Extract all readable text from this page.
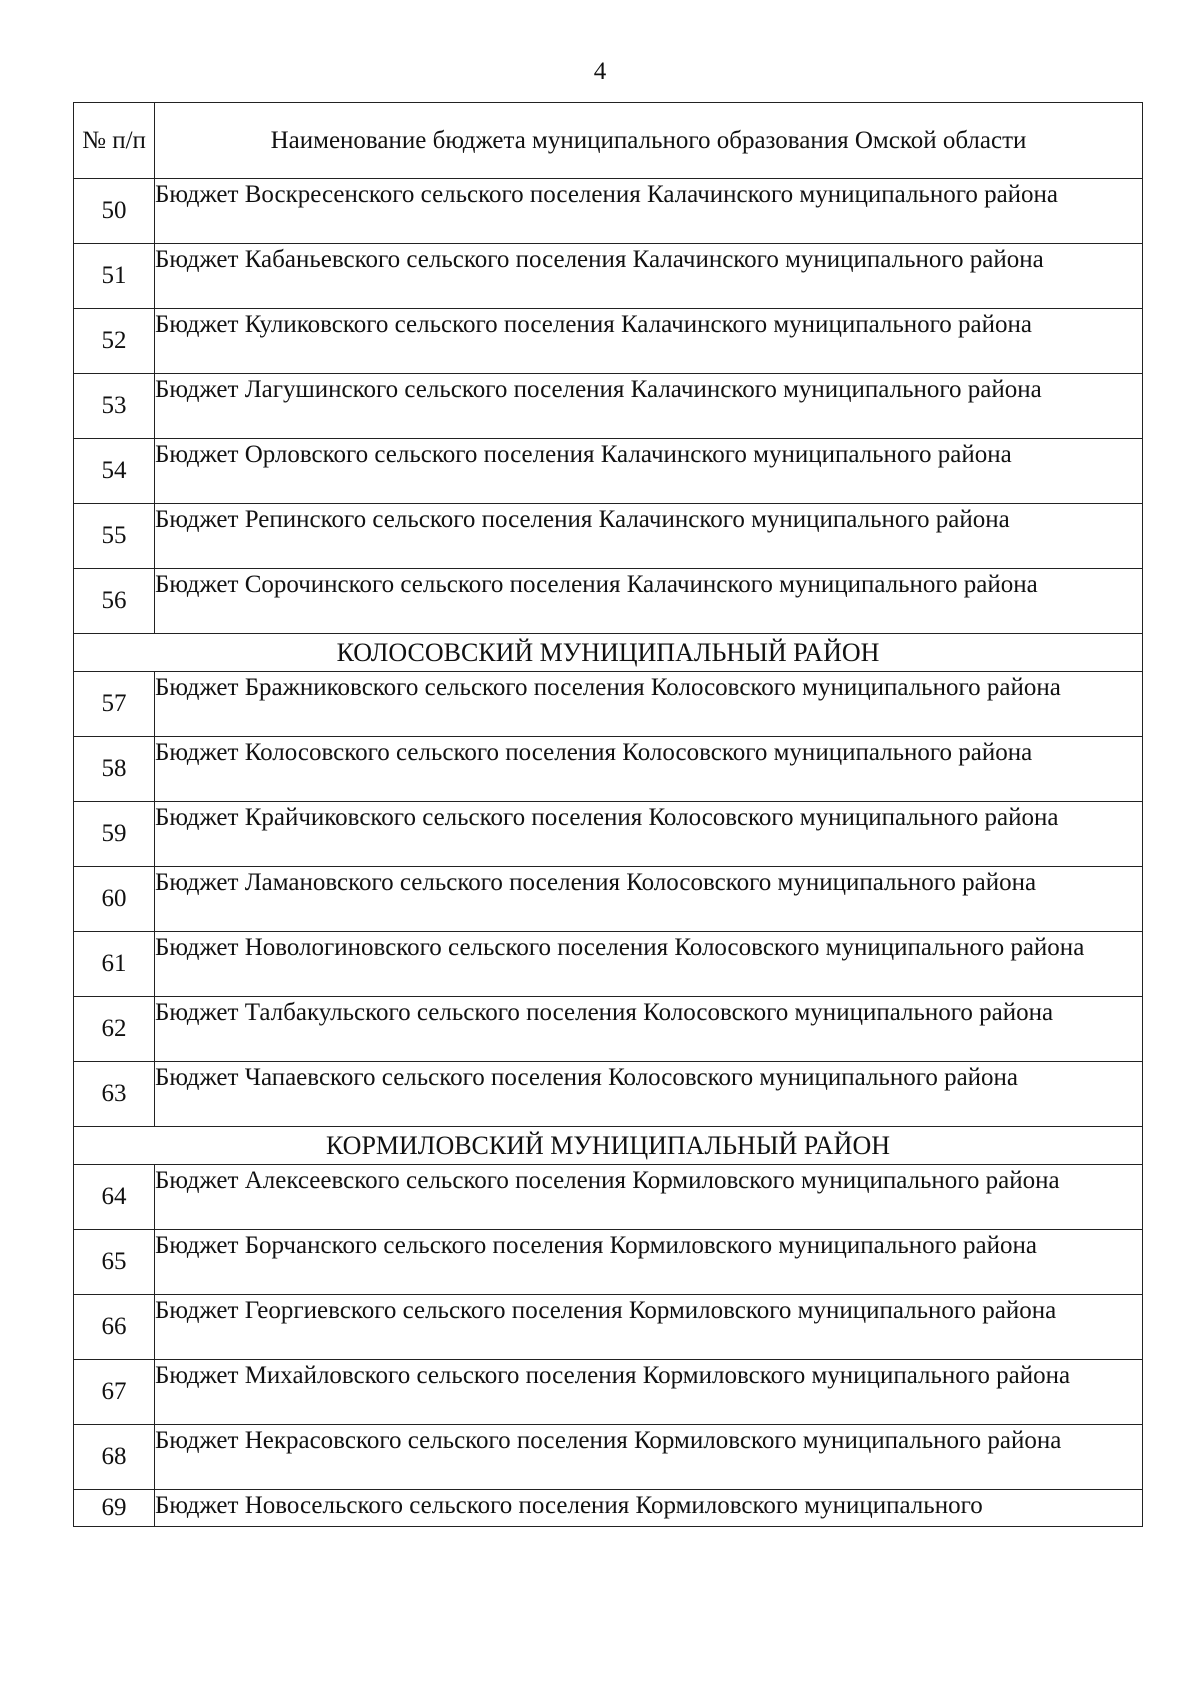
4
№ п/п	Наименование бюджета муниципального образования Омской области
50	Бюджет Воскресенского сельского поселения Калачинского муниципального района
51	Бюджет Кабаньевского сельского поселения Калачинского муниципального района
52	Бюджет Куликовского сельского поселения Калачинского муниципального района
53	Бюджет Лагушинского сельского поселения Калачинского муниципального района
54	Бюджет Орловского сельского поселения Калачинского муниципального района
55	Бюджет Репинского сельского поселения Калачинского муниципального района
56	Бюджет Сорочинского сельского поселения Калачинского муниципального района
КОЛОСОВСКИЙ МУНИЦИПАЛЬНЫЙ РАЙОН	
57	Бюджет Бражниковского сельского поселения Колосовского муниципального района
58	Бюджет Колосовского сельского поселения Колосовского муниципального района
59	Бюджет Крайчиковского сельского поселения Колосовского муниципального района
60	Бюджет Ламановского сельского поселения Колосовского муниципального района
61	Бюджет Новологиновского сельского поселения Колосовского муниципального района
62	Бюджет Талбакульского сельского поселения Колосовского муниципального района
63	Бюджет Чапаевского сельского поселения Колосовского муниципального района
КОРМИЛОВСКИЙ МУНИЦИПАЛЬНЫЙ РАЙОН	
64	Бюджет Алексеевского сельского поселения Кормиловского муниципального района
65	Бюджет Борчанского сельского поселения Кормиловского муниципального района
66	Бюджет Георгиевского сельского поселения Кормиловского муниципального района
67	Бюджет Михайловского сельского поселения Кормиловского муниципального района
68	Бюджет Некрасовского сельского поселения Кормиловского муниципального района
69	Бюджет Новосельского сельского поселения Кормиловского муниципального
